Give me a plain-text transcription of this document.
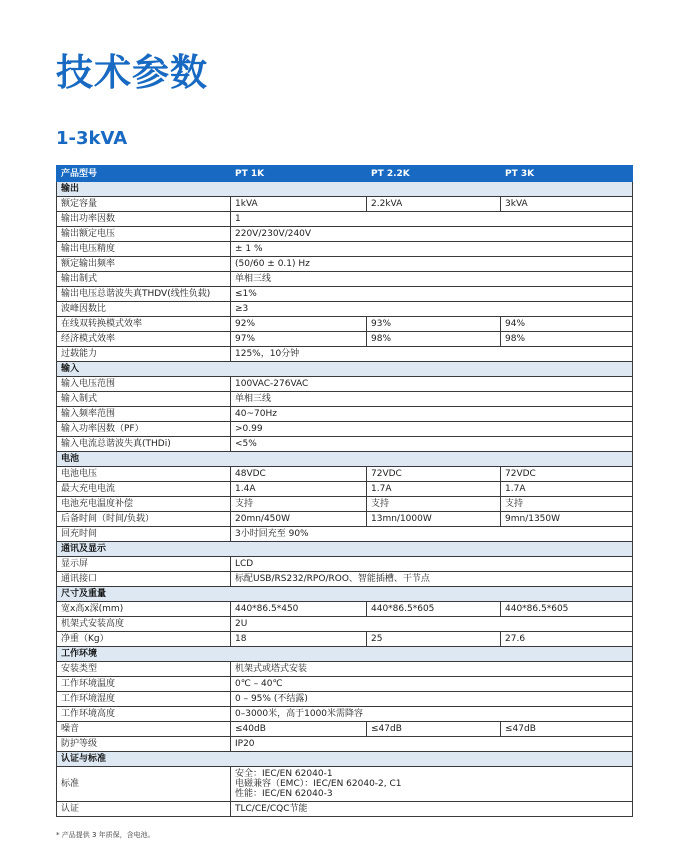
技术参数
1-3kVA
产品型号	PT 1K	PT 2.2K	PT 3K
输出			
额定容量	1kVA	2.2kVA	3kVA
输出功率因数	1		
输出额定电压	220V/230V/240V		
输出电压精度	± 1 %		
额定输出频率	(50/60 ± 0.1) Hz		
输出制式	单相三线		
输出电压总谐波失真THDV(线性负载)	≤1%		
波峰因数比	≥3		
在线双转换模式效率	92%	93%	94%
经济模式效率	97%	98%	98%
过载能力	125%，10分钟		
输入			
输入电压范围	100VAC-276VAC		
输入制式	单相三线		
输入频率范围	40~70Hz		
输入功率因数（PF）	>0.99		
输入电流总谐波失真(THDi)	<5%		
电池			
电池电压	48VDC	72VDC	72VDC
最大充电电流	1.4A	1.7A	1.7A
电池充电温度补偿	支持	支持	支持
后备时间（时间/负载）	20mn/450W	13mn/1000W	9mn/1350W
回充时间	3小时回充至 90%		
通讯及显示			
显示屏	LCD		
通讯接口	标配USB/RS232/RPO/ROO、智能插槽、干节点		
尺寸及重量			
宽x高x深(mm)	440*86.5*450	440*86.5*605	440*86.5*605
机架式安装高度	2U		
净重（Kg）	18	25	27.6
工作环境			
安装类型	机架式或塔式安装		
工作环境温度	0℃ – 40℃		
工作环境湿度	0 – 95% (不结露)		
工作环境高度	0–3000米，高于1000米需降容		
噪音	≤40dB	≤47dB	≤47dB
防护等级	IP20		
认证与标准			
标准	安全：IEC/EN 62040-1
电磁兼容（EMC）：IEC/EN 62040-2, C1
性能：IEC/EN 62040-3		

认证	TLC/CE/CQC节能		

* 产品提供 3 年质保，含电池。
